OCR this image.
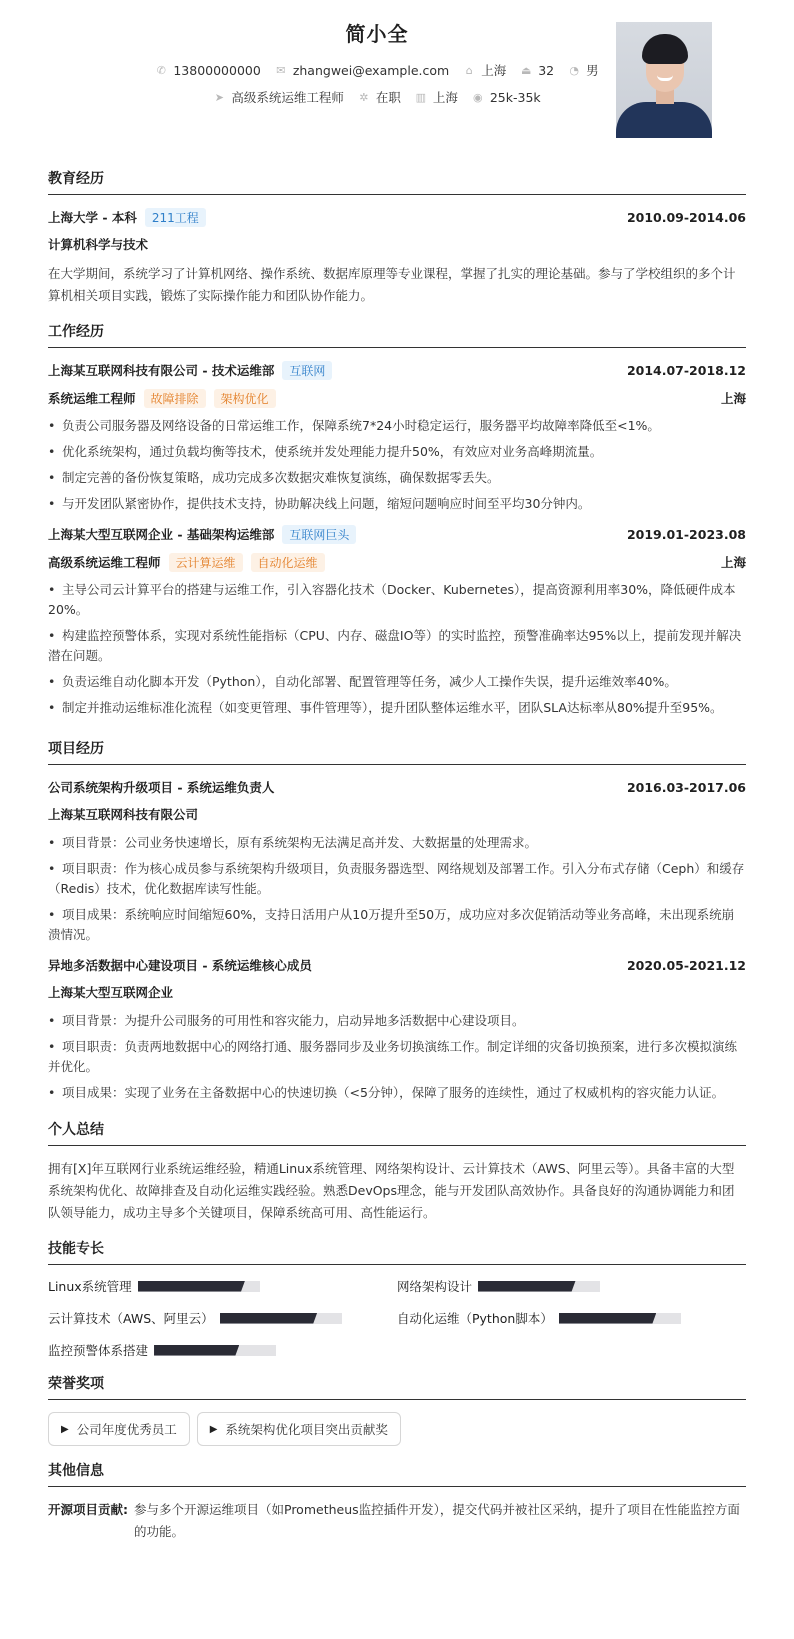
简小全
✆ 13800000000 ✉ zhangwei@example.com ⌂ 上海 ⏏ 32 ◔ 男
➤ 高级系统运维工程师 ✲ 在职 ▥ 上海 ◉ 25k-35k
教育经历
上海大学 - 本科	211工程	2010.09-2014.06
计算机科学与技术
在大学期间，系统学习了计算机网络、操作系统、数据库原理等专业课程，掌握了扎实的理论基础。参与了学校组织的多个计算机相关项目实践，锻炼了实际操作能力和团队协作能力。
工作经历
上海某互联网科技有限公司 - 技术运维部	互联网	2014.07-2018.12
系统运维工程师	故障排除	架构优化	上海
• 负责公司服务器及网络设备的日常运维工作，保障系统7*24小时稳定运行，服务器平均故障率降低至<1%。
• 优化系统架构，通过负载均衡等技术，使系统并发处理能力提升50%，有效应对业务高峰期流量。
• 制定完善的备份恢复策略，成功完成多次数据灾难恢复演练，确保数据零丢失。
• 与开发团队紧密协作，提供技术支持，协助解决线上问题，缩短问题响应时间至平均30分钟内。
上海某大型互联网企业 - 基础架构运维部	互联网巨头	2019.01-2023.08
高级系统运维工程师	云计算运维	自动化运维	上海
• 主导公司云计算平台的搭建与运维工作，引入容器化技术（Docker、Kubernetes），提高资源利用率30%，降低硬件成本20%。
• 构建监控预警体系，实现对系统性能指标（CPU、内存、磁盘IO等）的实时监控，预警准确率达95%以上，提前发现并解决潜在问题。
• 负责运维自动化脚本开发（Python），自动化部署、配置管理等任务，减少人工操作失误，提升运维效率40%。
• 制定并推动运维标准化流程（如变更管理、事件管理等），提升团队整体运维水平，团队SLA达标率从80%提升至95%。
项目经历
公司系统架构升级项目 - 系统运维负责人	2016.03-2017.06
上海某互联网科技有限公司
• 项目背景：公司业务快速增长，原有系统架构无法满足高并发、大数据量的处理需求。
• 项目职责：作为核心成员参与系统架构升级项目，负责服务器选型、网络规划及部署工作。引入分布式存储（Ceph）和缓存（Redis）技术，优化数据库读写性能。
• 项目成果：系统响应时间缩短60%，支持日活用户从10万提升至50万，成功应对多次促销活动等业务高峰，未出现系统崩溃情况。
异地多活数据中心建设项目 - 系统运维核心成员	2020.05-2021.12
上海某大型互联网企业
• 项目背景：为提升公司服务的可用性和容灾能力，启动异地多活数据中心建设项目。
• 项目职责：负责两地数据中心的网络打通、服务器同步及业务切换演练工作。制定详细的灾备切换预案，进行多次模拟演练并优化。
• 项目成果：实现了业务在主备数据中心的快速切换（<5分钟），保障了服务的连续性，通过了权威机构的容灾能力认证。
个人总结
拥有[X]年互联网行业系统运维经验，精通Linux系统管理、网络架构设计、云计算技术（AWS、阿里云等）。具备丰富的大型系统架构优化、故障排查及自动化运维实践经验。熟悉DevOps理念，能与开发团队高效协作。具备良好的沟通协调能力和团队领导能力，成功主导多个关键项目，保障系统高可用、高性能运行。
技能专长
Linux系统管理	网络架构设计
云计算技术（AWS、阿里云）	自动化运维（Python脚本）
监控预警体系搭建
荣誉奖项
▶ 公司年度优秀员工	▶ 系统架构优化项目突出贡献奖
其他信息
开源项目贡献: 参与多个开源运维项目（如Prometheus监控插件开发），提交代码并被社区采纳，提升了项目在性能监控方面的功能。
